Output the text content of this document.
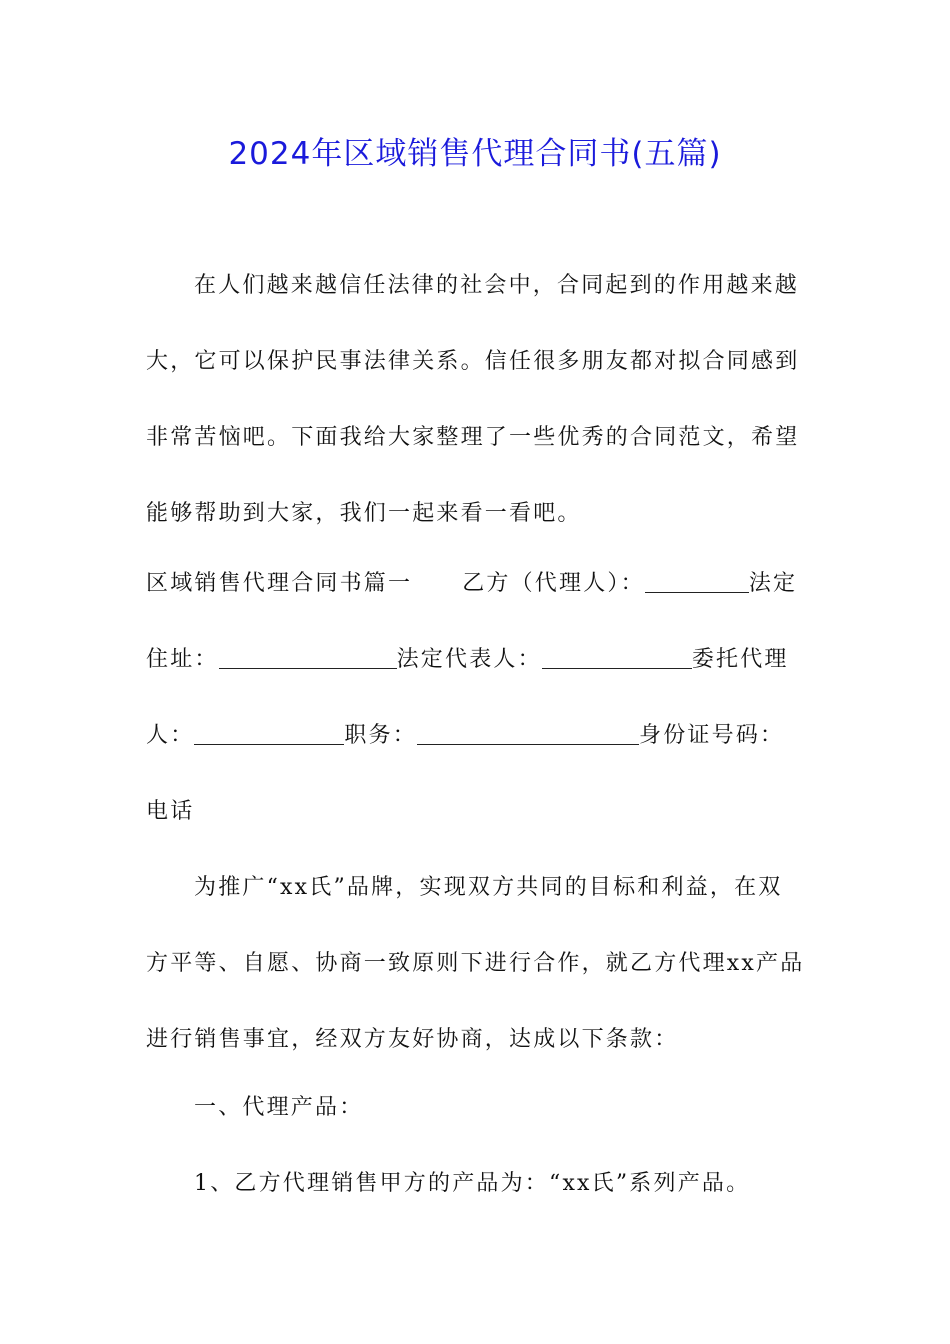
2024年区域销售代理合同书(五篇)

在人们越来越信任法律的社会中，合同起到的作用越来越大，它可以保护民事法律关系。信任很多朋友都对拟合同感到非常苦恼吧。下面我给大家整理了一些优秀的合同范文，希望能够帮助到大家，我们一起来看一看吧。

区域销售代理合同书篇一 乙方（代理人）：	法定住址：	法定代表人：	委托代理人：	职务：	身份证号码：电话

为推广“xx氏”品牌，实现双方共同的目标和利益，在双方平等、自愿、协商一致原则下进行合作，就乙方代理xx产品进行销售事宜，经双方友好协商，达成以下条款：

一、代理产品：

1、乙方代理销售甲方的产品为：“xx氏”系列产品。
